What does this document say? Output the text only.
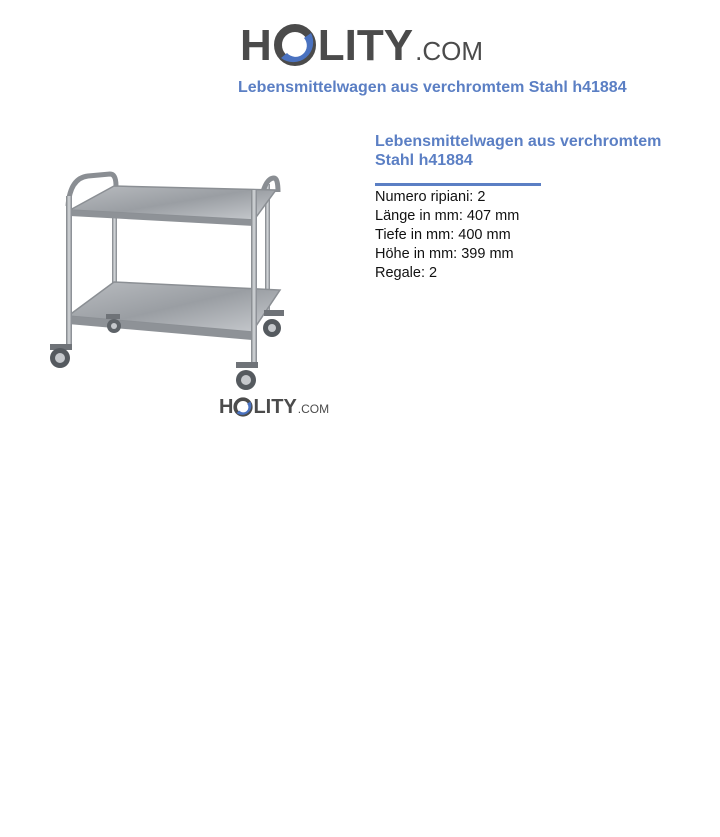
H LITY .COM
Lebensmittelwagen aus verchromtem Stahl h41884
H LITY .COM
Lebensmittelwagen aus verchromtem Stahl h41884
Numero ripiani: 2
Länge in mm: 407 mm
Tiefe in mm: 400 mm
Höhe in mm: 399 mm
Regale: 2
